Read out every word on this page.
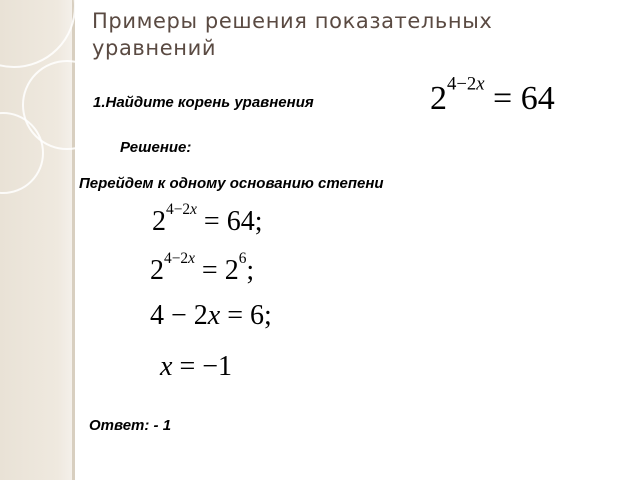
Примеры решения показательных
уравнений
1.Найдите корень уравнения	$2^{4-2x} = 64$
Решение:
Перейдем к одному основанию степени
$2^{4-2x} = 64$;
$2^{4-2x} = 2^6$;
4 − 2x = 6;
x = −1
Ответ: - 1
